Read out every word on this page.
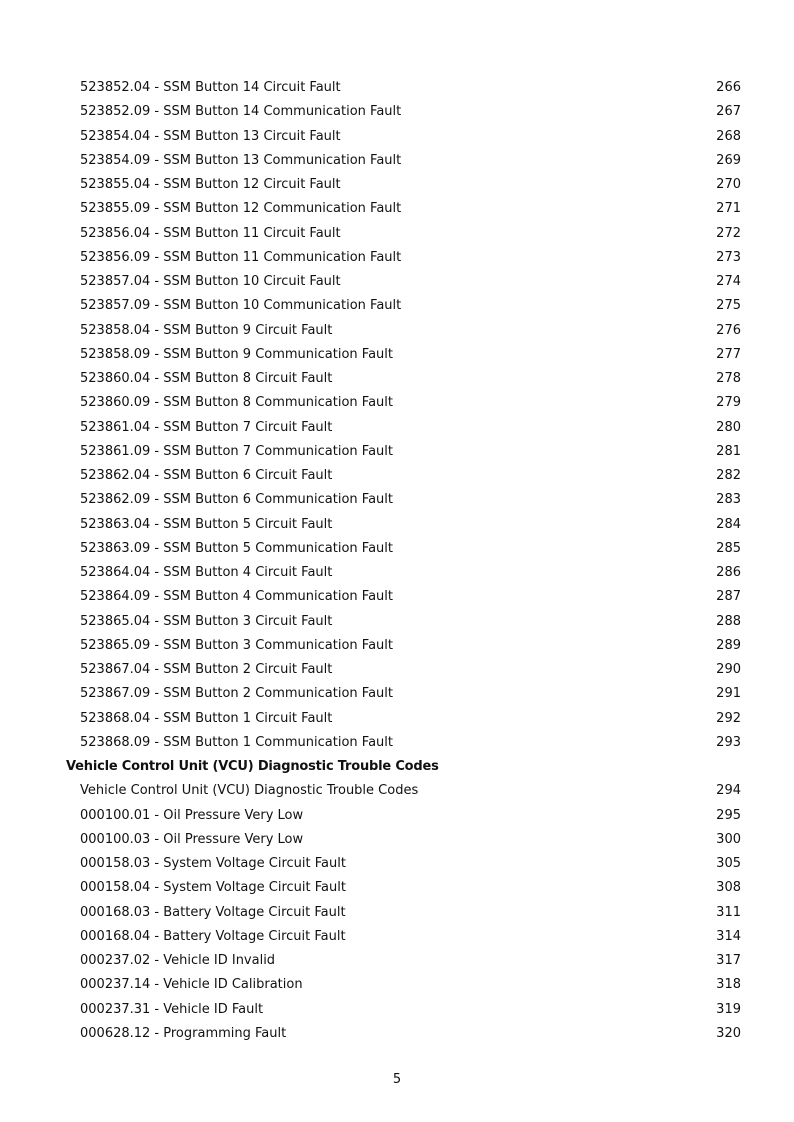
523852.04 - SSM Button 14 Circuit Fault	266
523852.09 - SSM Button 14 Communication Fault	267
523854.04 - SSM Button 13 Circuit Fault	268
523854.09 - SSM Button 13 Communication Fault	269
523855.04 - SSM Button 12 Circuit Fault	270
523855.09 - SSM Button 12 Communication Fault	271
523856.04 - SSM Button 11 Circuit Fault	272
523856.09 - SSM Button 11 Communication Fault	273
523857.04 - SSM Button 10 Circuit Fault	274
523857.09 - SSM Button 10 Communication Fault	275
523858.04 - SSM Button 9 Circuit Fault	276
523858.09 - SSM Button 9 Communication Fault	277
523860.04 - SSM Button 8 Circuit Fault	278
523860.09 - SSM Button 8 Communication Fault	279
523861.04 - SSM Button 7 Circuit Fault	280
523861.09 - SSM Button 7 Communication Fault	281
523862.04 - SSM Button 6 Circuit Fault	282
523862.09 - SSM Button 6 Communication Fault	283
523863.04 - SSM Button 5 Circuit Fault	284
523863.09 - SSM Button 5 Communication Fault	285
523864.04 - SSM Button 4 Circuit Fault	286
523864.09 - SSM Button 4 Communication Fault	287
523865.04 - SSM Button 3 Circuit Fault	288
523865.09 - SSM Button 3 Communication Fault	289
523867.04 - SSM Button 2 Circuit Fault	290
523867.09 - SSM Button 2 Communication Fault	291
523868.04 - SSM Button 1 Circuit Fault	292
523868.09 - SSM Button 1 Communication Fault	293
Vehicle Control Unit (VCU) Diagnostic Trouble Codes
Vehicle Control Unit (VCU) Diagnostic Trouble Codes	294
000100.01 - Oil Pressure Very Low	295
000100.03 - Oil Pressure Very Low	300
000158.03 - System Voltage Circuit Fault	305
000158.04 - System Voltage Circuit Fault	308
000168.03 - Battery Voltage Circuit Fault	311
000168.04 - Battery Voltage Circuit Fault	314
000237.02 - Vehicle ID Invalid	317
000237.14 - Vehicle ID Calibration	318
000237.31 - Vehicle ID Fault	319
000628.12 - Programming Fault	320
5
